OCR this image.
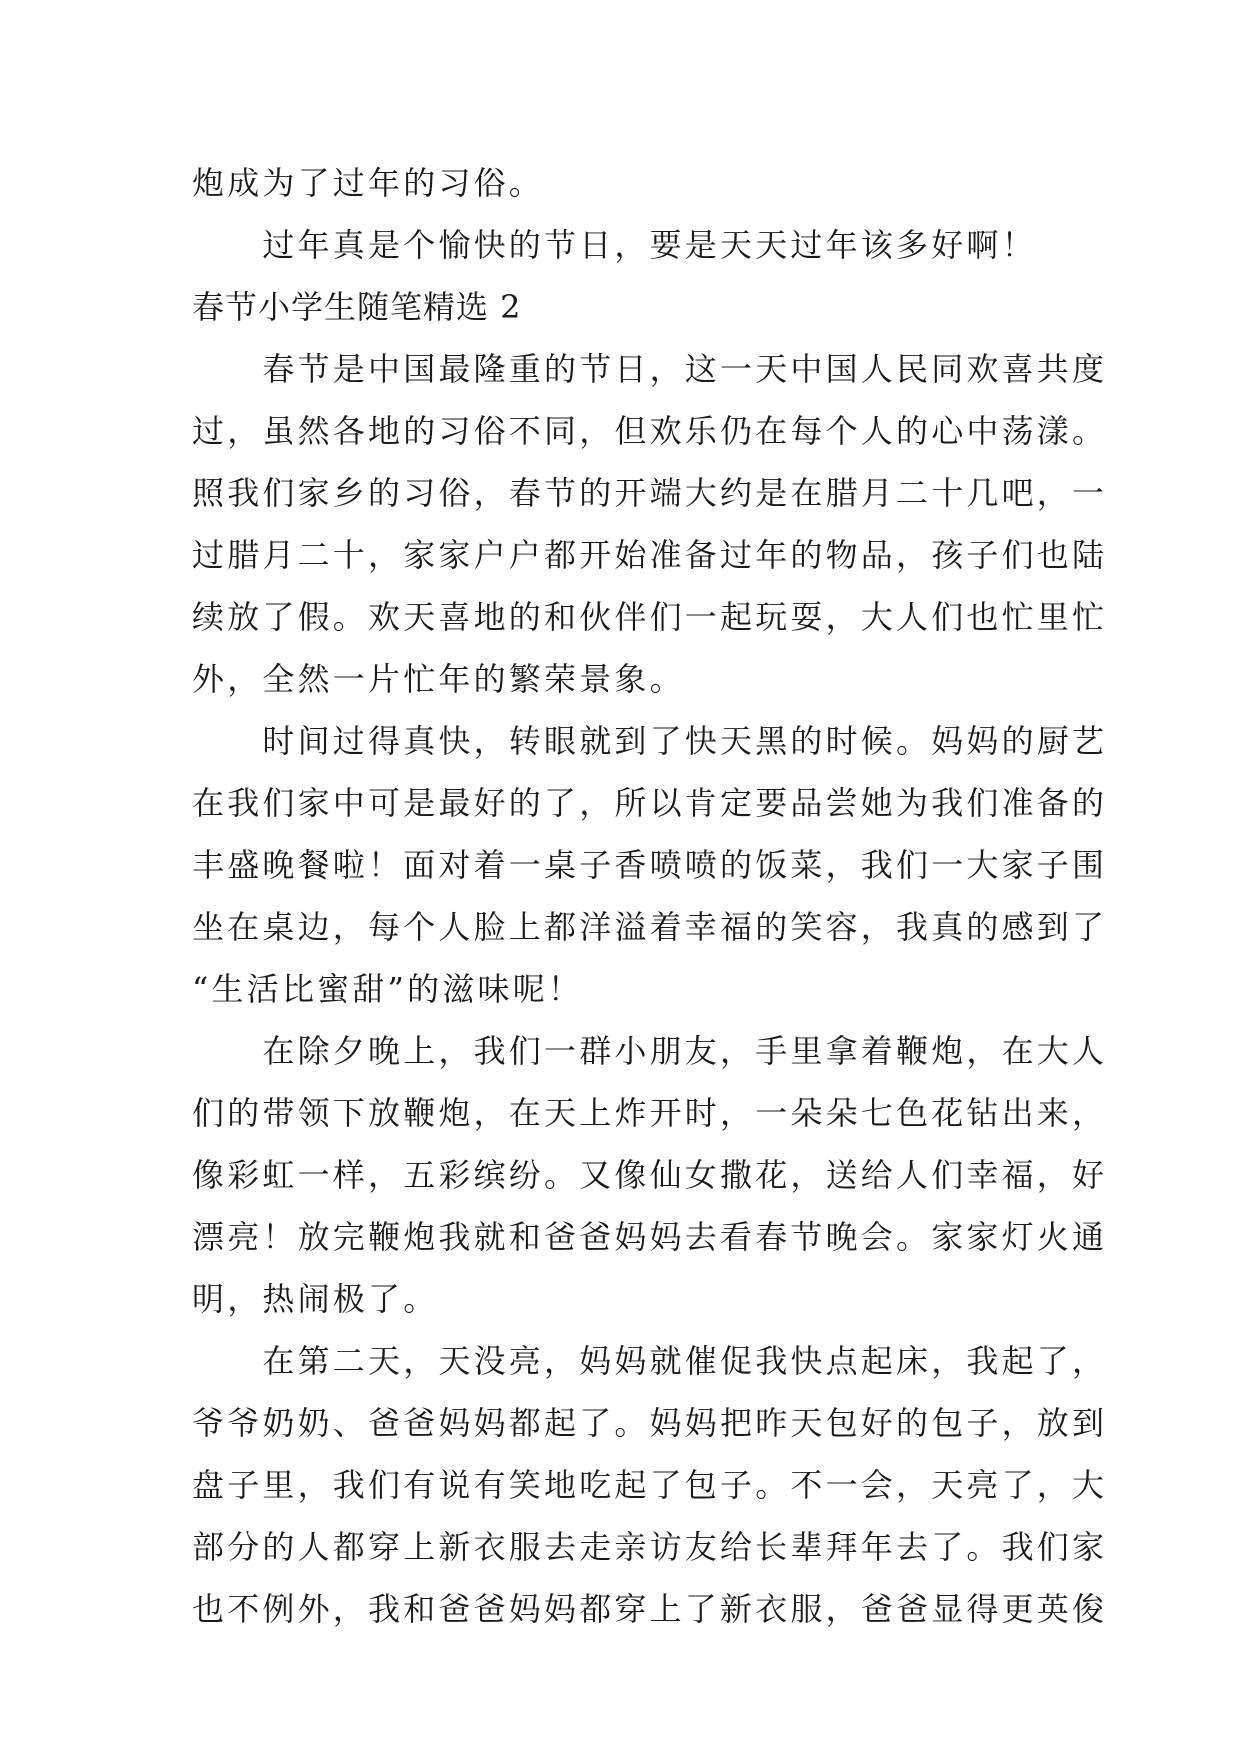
炮成为了过年的习俗。
　　过年真是个愉快的节日，要是天天过年该多好啊！
春节小学生随笔精选 2
　　春节是中国最隆重的节日，这一天中国人民同欢喜共度
过，虽然各地的习俗不同，但欢乐仍在每个人的心中荡漾。
照我们家乡的习俗，春节的开端大约是在腊月二十几吧，一
过腊月二十，家家户户都开始准备过年的物品，孩子们也陆
续放了假。欢天喜地的和伙伴们一起玩耍，大人们也忙里忙
外，全然一片忙年的繁荣景象。
　　时间过得真快，转眼就到了快天黑的时候。妈妈的厨艺
在我们家中可是最好的了，所以肯定要品尝她为我们准备的
丰盛晚餐啦！面对着一桌子香喷喷的饭菜，我们一大家子围
坐在桌边，每个人脸上都洋溢着幸福的笑容，我真的感到了
“生活比蜜甜”的滋味呢！
　　在除夕晚上，我们一群小朋友，手里拿着鞭炮，在大人
们的带领下放鞭炮，在天上炸开时，一朵朵七色花钻出来，
像彩虹一样，五彩缤纷。又像仙女撒花，送给人们幸福，好
漂亮！放完鞭炮我就和爸爸妈妈去看春节晚会。家家灯火通
明，热闹极了。
　　在第二天，天没亮，妈妈就催促我快点起床，我起了，
爷爷奶奶、爸爸妈妈都起了。妈妈把昨天包好的包子，放到
盘子里，我们有说有笑地吃起了包子。不一会，天亮了，大
部分的人都穿上新衣服去走亲访友给长辈拜年去了。我们家
也不例外，我和爸爸妈妈都穿上了新衣服，爸爸显得更英俊
